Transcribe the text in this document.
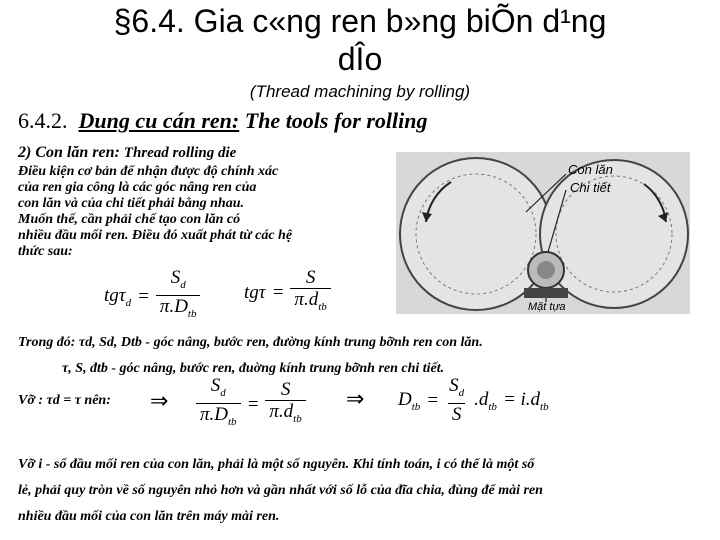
§6.4. Gia c«ng ren b»ng biÕn d¹ng
dÎo
(Thread machining by rolling)
6.4.2. Dung cu cán ren: The tools for rolling
2) Con lăn ren: Thread rolling die
Điều kiện cơ bản để nhận được độ chính xác
của ren gia công là các góc nâng ren của
con lăn và của chi tiết phải bằng nhau.
Muốn thế, cần phải chế tạo con lăn có
nhiều đầu mối ren. Điều đó xuất phát từ các hệ
thức sau:
Con lăn
Chi tiết
Mặt tựa
$tg\tau_d = \frac{S_d}{\pi.D_{tb}}$ $tg\tau = \frac{S}{\pi.d_{tb}}$
Trong đó: τd, Sd, Dtb - góc nâng, bước ren, đường kính trung bỡnh ren con lăn.
τ, S, đtb - góc nâng, bước ren, đuờng kính trung bỡnh ren chi tiết.
Vỡ : τd = τ nên: ⇒ $\frac{S_d}{\pi.D_{tb}} = \frac{S}{\pi.d_{tb}}$ ⇒ $D_{tb} = \frac{S_d}{S} .d_{tb} = i.d_{tb}$
Vỡ i - số đầu mối ren của con lăn, phải là một số nguyên. Khi tính toán, i có thể là một số
lẻ, phải quy tròn về số nguyên nhỏ hơn và gần nhất với số lỗ của đĩa chia, đùng để mài ren
nhiều đầu mối của con lăn trên máy mài ren.
